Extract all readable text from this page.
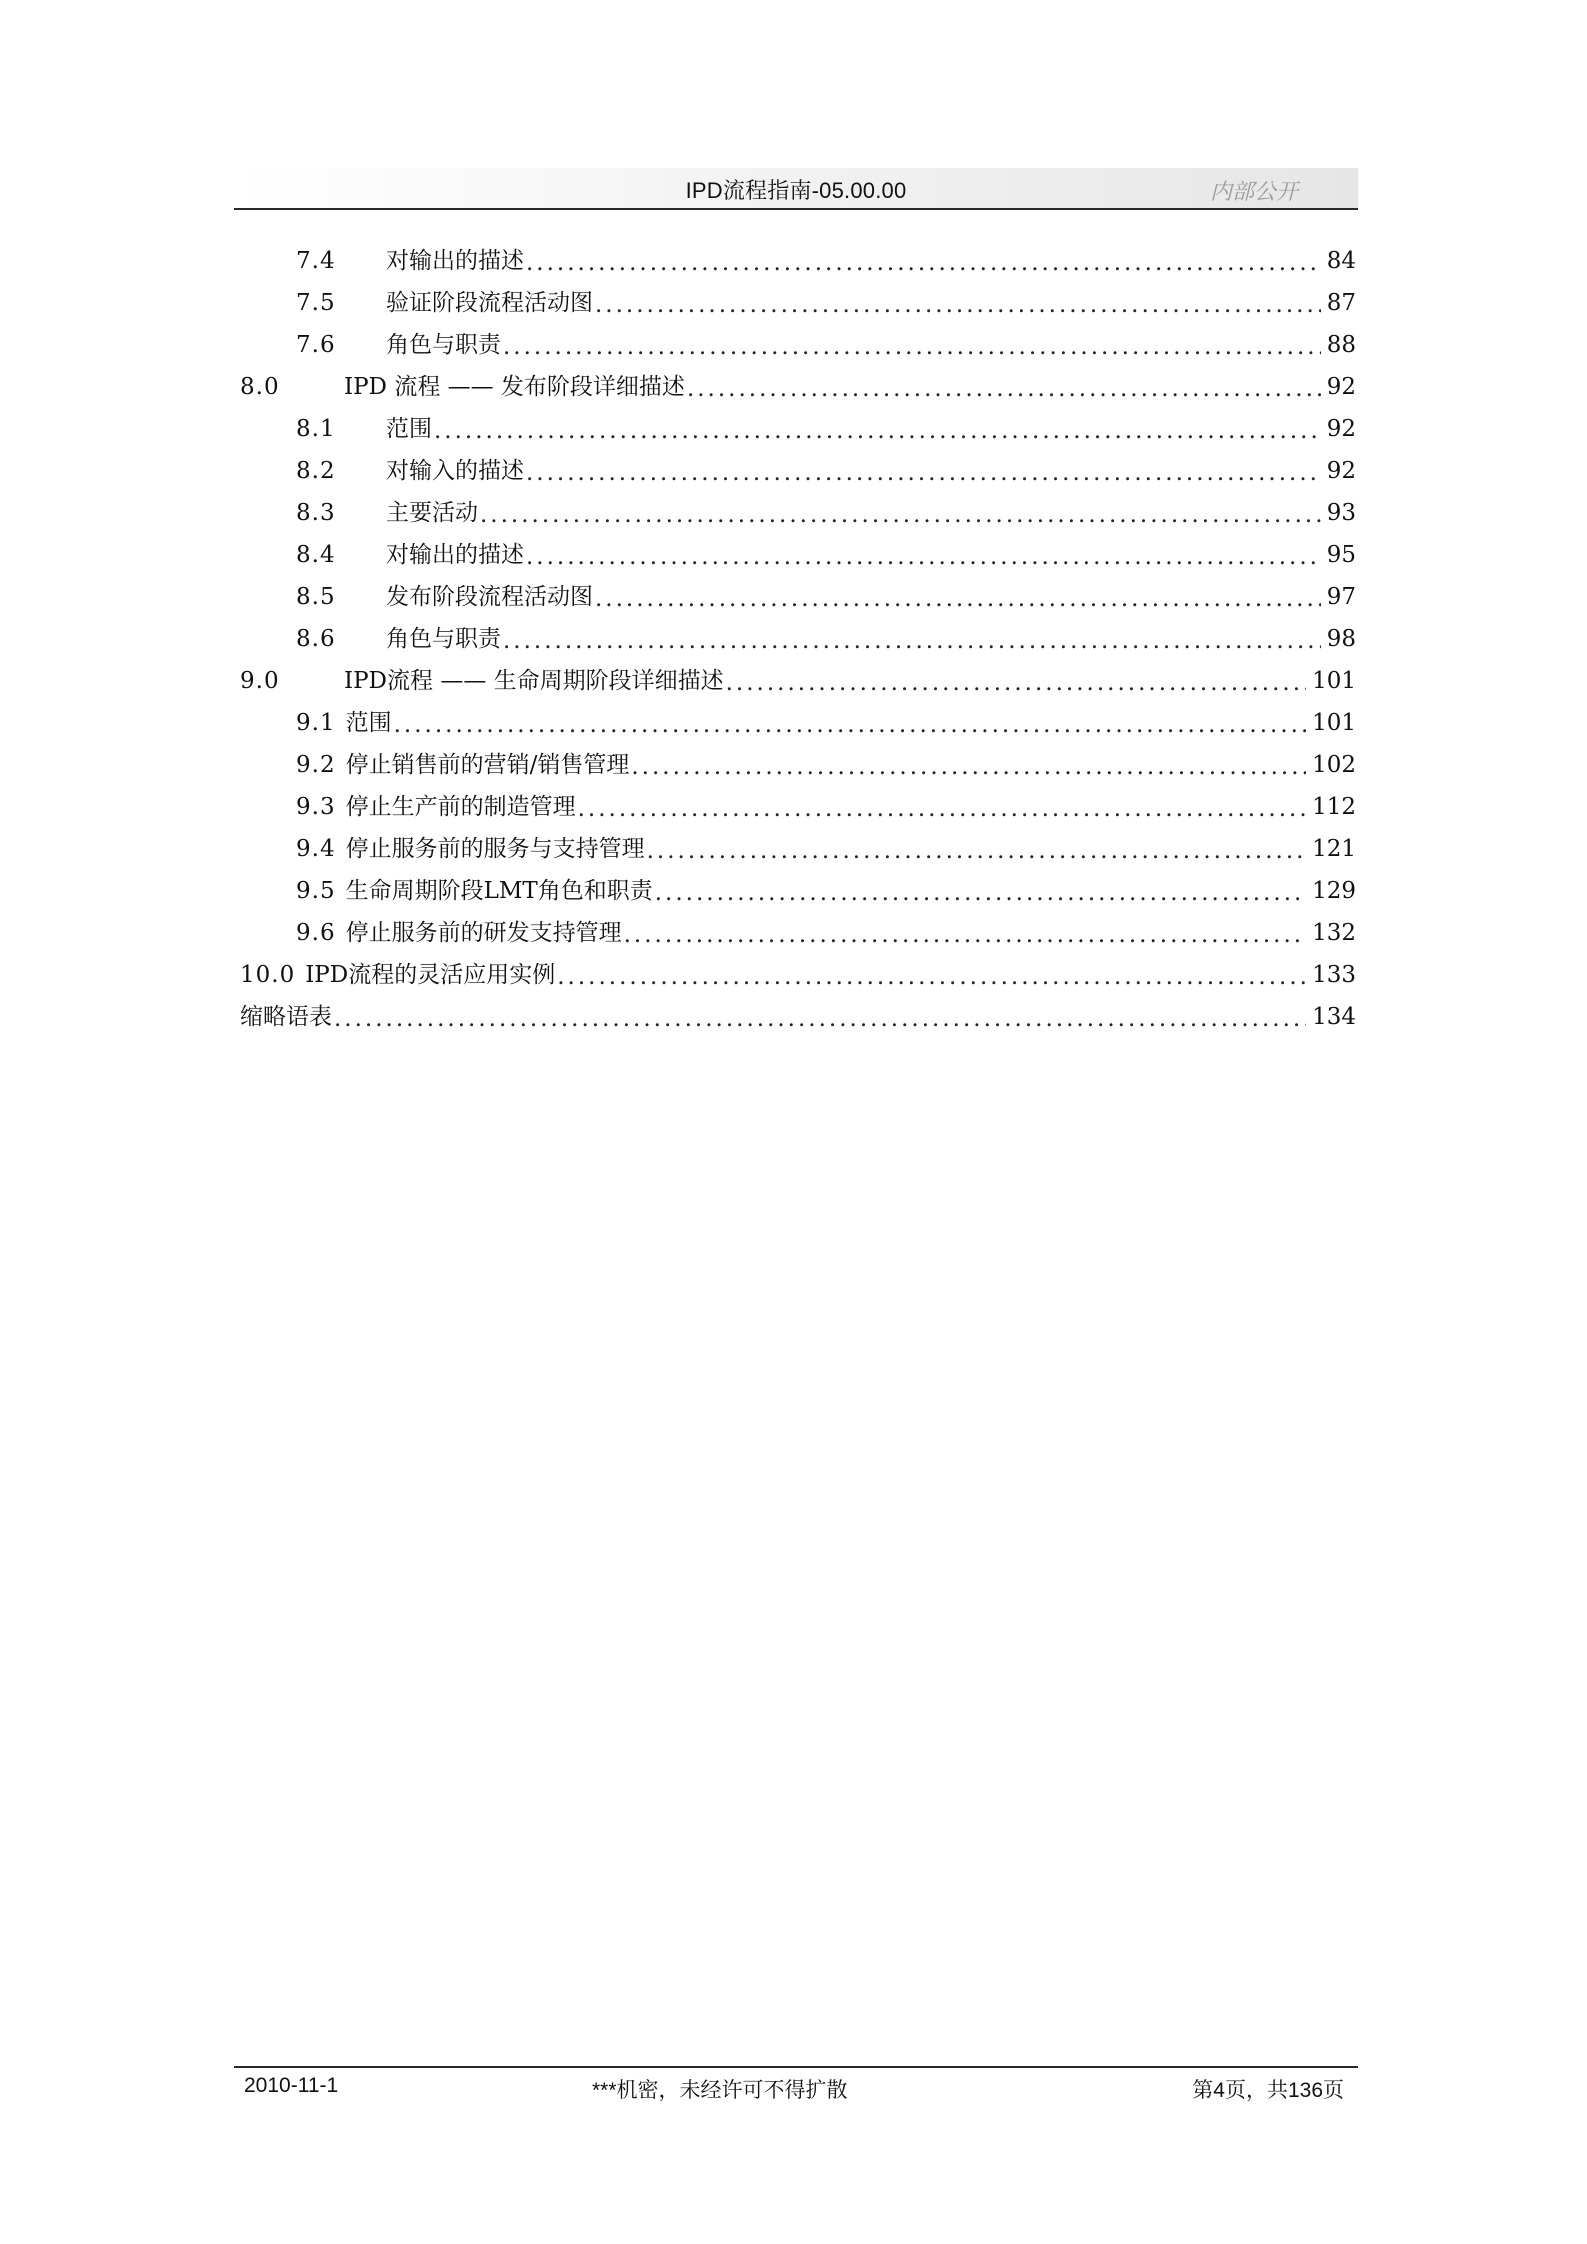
IPD流程指南-05.00.00	内部公开
7.4	对输出的描述 .....	84
7.5	验证阶段流程活动图 .....	87
7.6	角色与职责 .....	88
8.0	IPD 流程 —— 发布阶段详细描述 .....	92
8.1	范围 .....	92
8.2	对输入的描述 .....	92
8.3	主要活动 .....	93
8.4	对输出的描述 .....	95
8.5	发布阶段流程活动图 .....	97
8.6	角色与职责 .....	98
9.0	IPD流程 —— 生命周期阶段详细描述 .....	101
9.1 范围 .....	101
9.2 停止销售前的营销/销售管理 .....	102
9.3 停止生产前的制造管理 .....	112
9.4 停止服务前的服务与支持管理 .....	121
9.5 生命周期阶段LMT角色和职责 .....	129
9.6 停止服务前的研发支持管理 .....	132
10.0 IPD流程的灵活应用实例 .....	133
缩略语表 .....	134
2010-11-1	***机密，未经许可不得扩散	第4页，共136页
